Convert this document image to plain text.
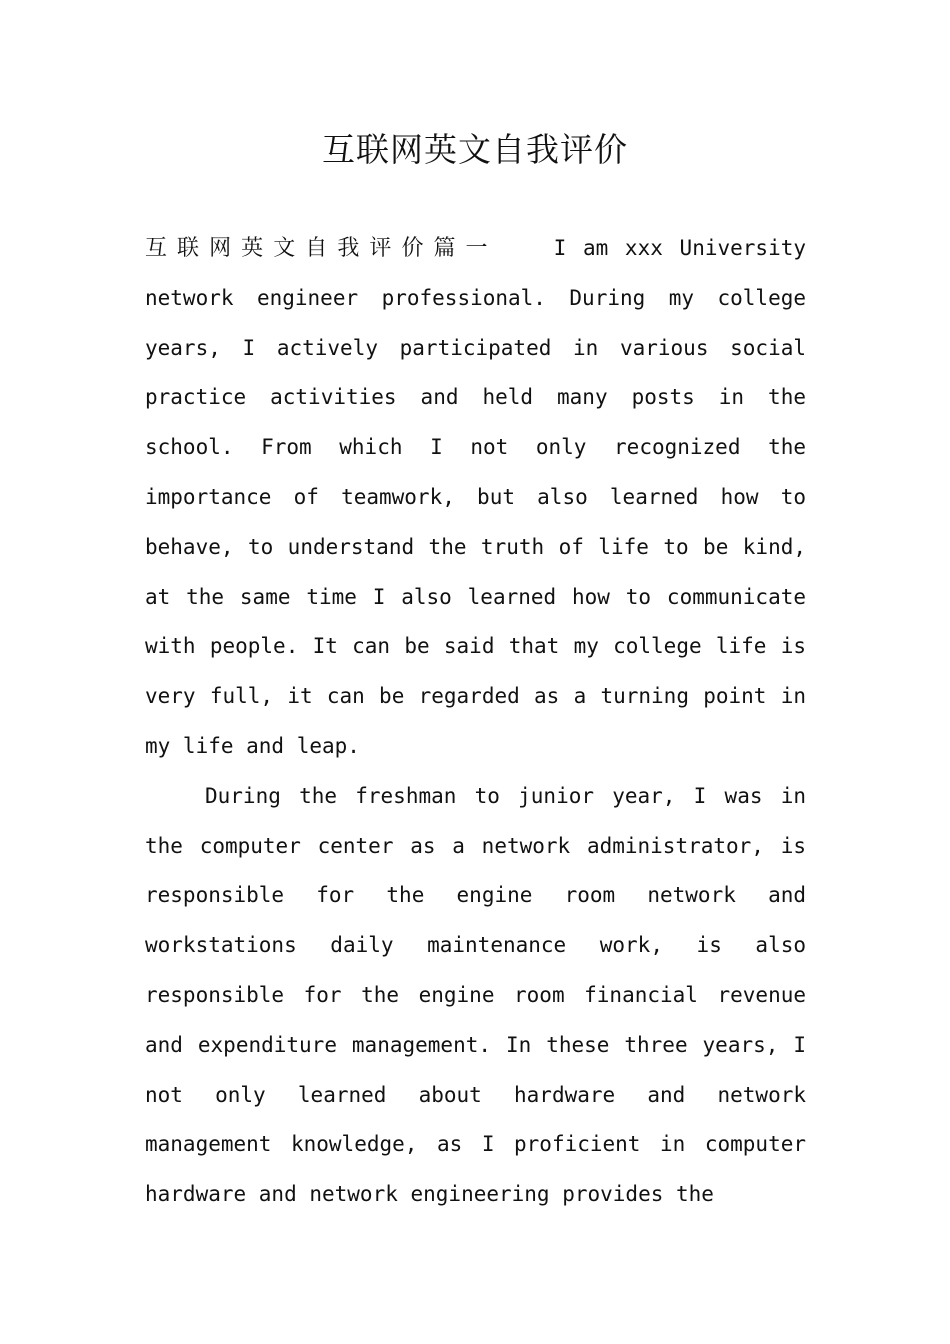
互联网英文自我评价

互联网英文自我评价篇一	I am xxx University network engineer professional. During my college years, I actively participated in various social practice activities and held many posts in the school. From which I not only recognized the importance of teamwork, but also learned how to behave, to understand the truth of life to be kind, at the same time I also learned how to communicate with people. It can be said that my college life is very full, it can be regarded as a turning point in my life and leap.

During the freshman to junior year, I was in the computer center as a network administrator, is responsible for the engine room network and workstations daily maintenance work, is also responsible for the engine room financial revenue and expenditure management. In these three years, I not only learned about hardware and network management knowledge, as I proficient in computer hardware and network engineering provides the
